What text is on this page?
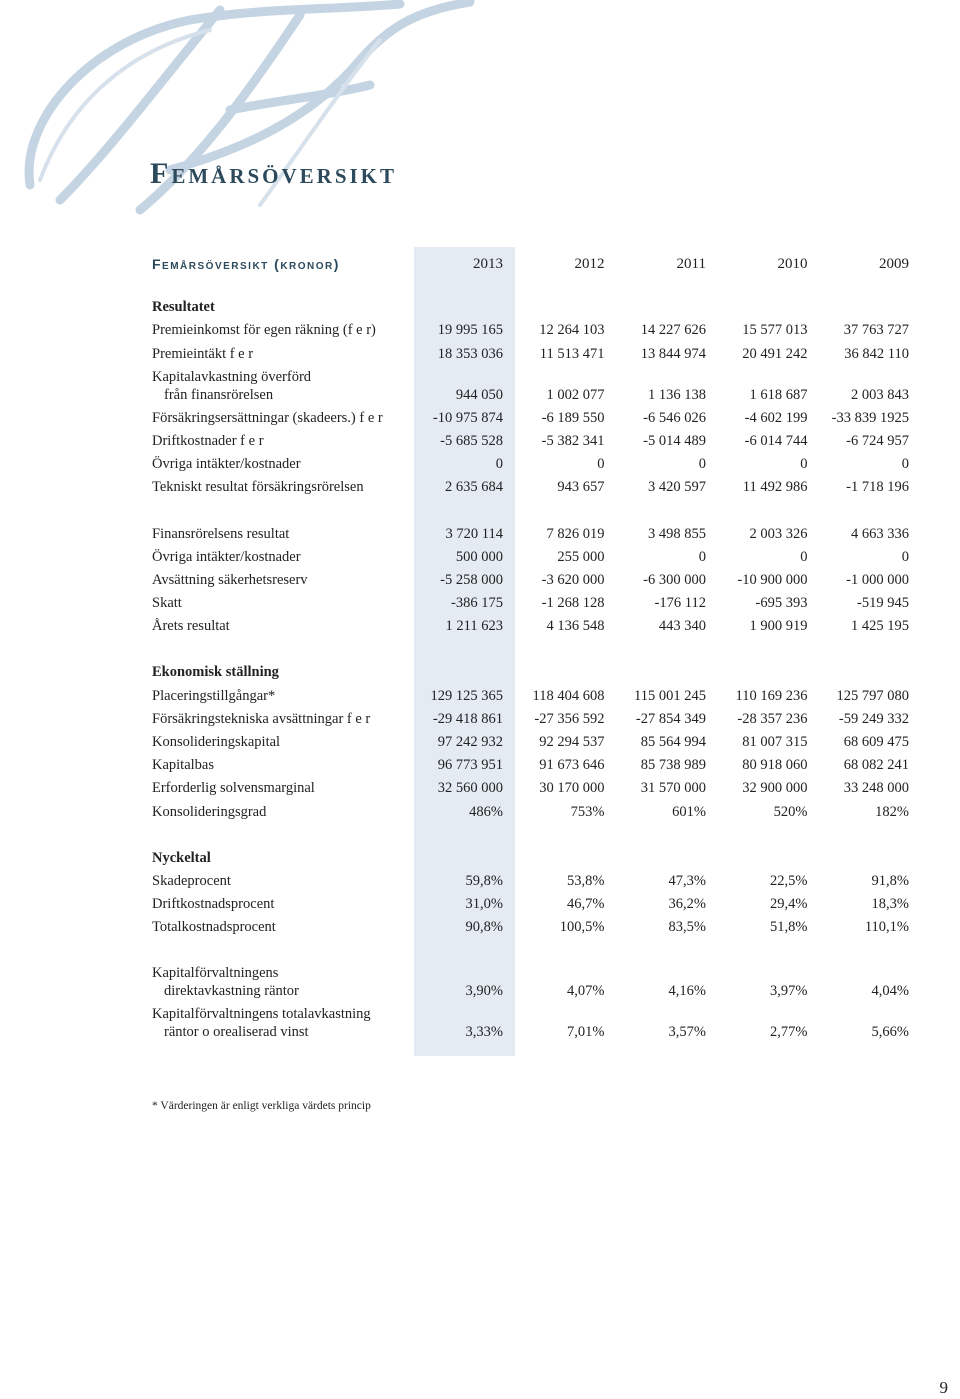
Femårsöversikt
Femårsöversikt (kronor)	2013	2012	2011	2010	2009

Resultatet					
Premieinkomst för egen räkning (f e r)	19 995 165	12 264 103	14 227 626	15 577 013	37 763 727
Premieintäkt f e r	18 353 036	11 513 471	13 844 974	20 491 242	36 842 110
Kapitalavkastning överförd
från finansrörelsen	944 050	1 002 077	1 136 138	1 618 687	2 003 843
Försäkringsersättningar (skadeers.) f e r	-10 975 874	-6 189 550	-6 546 026	-4 602 199	-33 839 1925
Driftkostnader f e r	-5 685 528	-5 382 341	-5 014 489	-6 014 744	-6 724 957
Övriga intäkter/kostnader	0	0	0	0	0
Tekniskt resultat försäkringsrörelsen	2 635 684	943 657	3 420 597	11 492 986	-1 718 196

Finansrörelsens resultat	3 720 114	7 826 019	3 498 855	2 003 326	4 663 336
Övriga intäkter/kostnader	500 000	255 000	0	0	0
Avsättning säkerhetsreserv	-5 258 000	-3 620 000	-6 300 000	-10 900 000	-1 000 000
Skatt	-386 175	-1 268 128	-176 112	-695 393	-519 945
Årets resultat	1 211 623	4 136 548	443 340	1 900 919	1 425 195

Ekonomisk ställning					
Placeringstillgångar*	129 125 365	118 404 608	115 001 245	110 169 236	125 797 080
Försäkringstekniska avsättningar f e r	-29 418 861	-27 356 592	-27 854 349	-28 357 236	-59 249 332
Konsolideringskapital	97 242 932	92 294 537	85 564 994	81 007 315	68 609 475
Kapitalbas	96 773 951	91 673 646	85 738 989	80 918 060	68 082 241
Erforderlig solvensmarginal	32 560 000	30 170 000	31 570 000	32 900 000	33 248 000
Konsolideringsgrad	486%	753%	601%	520%	182%

Nyckeltal					
Skadeprocent	59,8%	53,8%	47,3%	22,5%	91,8%
Driftkostnadsprocent	31,0%	46,7%	36,2%	29,4%	18,3%
Totalkostnadsprocent	90,8%	100,5%	83,5%	51,8%	110,1%

Kapitalförvaltningens
direktavkastning räntor	3,90%	4,07%	4,16%	3,97%	4,04%
Kapitalförvaltningens totalavkastning
räntor o orealiserad vinst	3,33%	7,01%	3,57%	2,77%	5,66%

* Värderingen är enligt verkliga värdets princip

9
